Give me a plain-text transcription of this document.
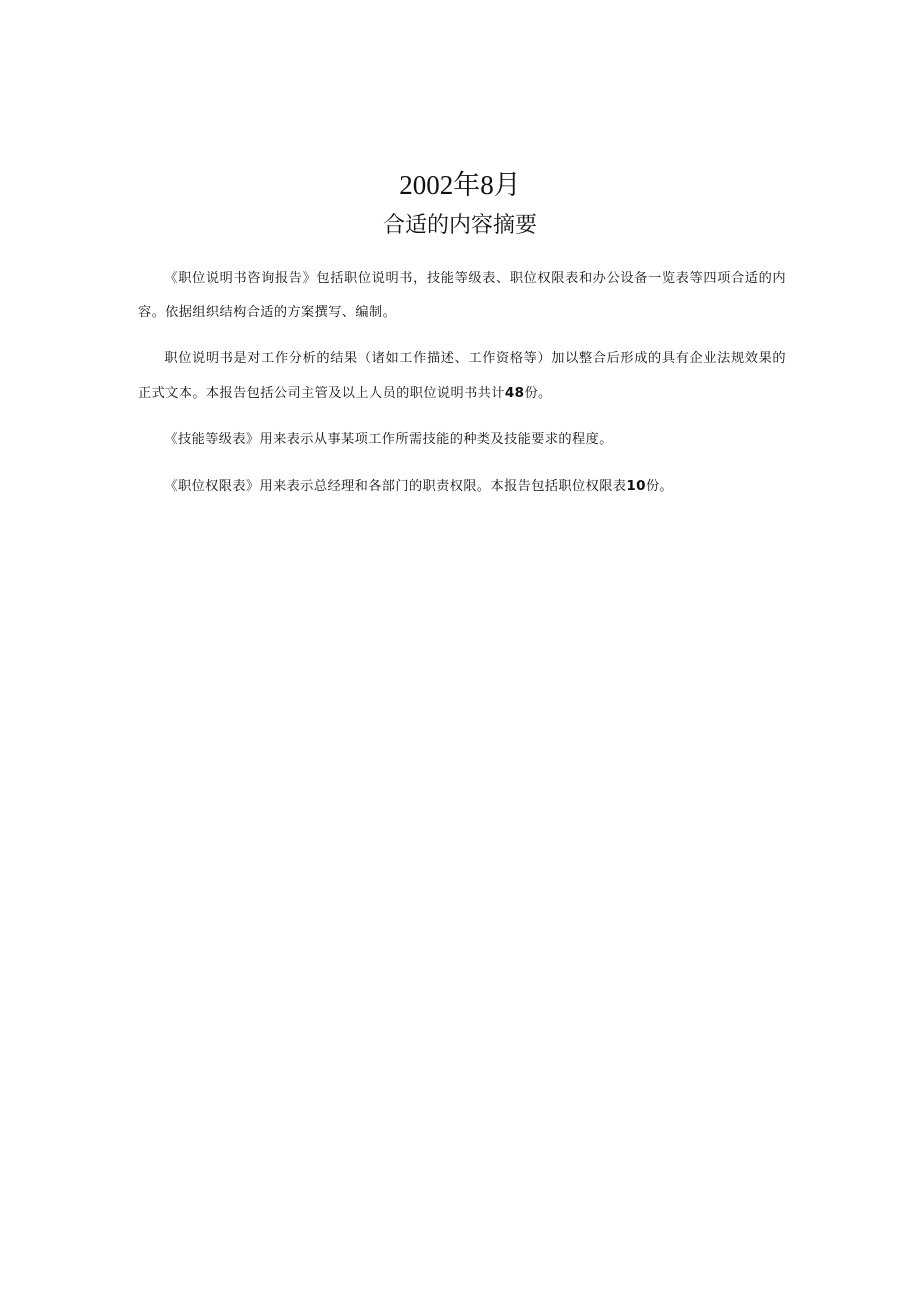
2002年8月
合适的内容摘要

《职位说明书咨询报告》包括职位说明书，技能等级表、职位权限表和办公设备一览表等四项合适的内容。依据组织结构合适的方案撰写、编制。

职位说明书是对工作分析的结果（诸如工作描述、工作资格等）加以整合后形成的具有企业法规效果的正式文本。本报告包括公司主管及以上人员的职位说明书共计48份。

《技能等级表》用来表示从事某项工作所需技能的种类及技能要求的程度。

《职位权限表》用来表示总经理和各部门的职责权限。本报告包括职位权限表10份。
